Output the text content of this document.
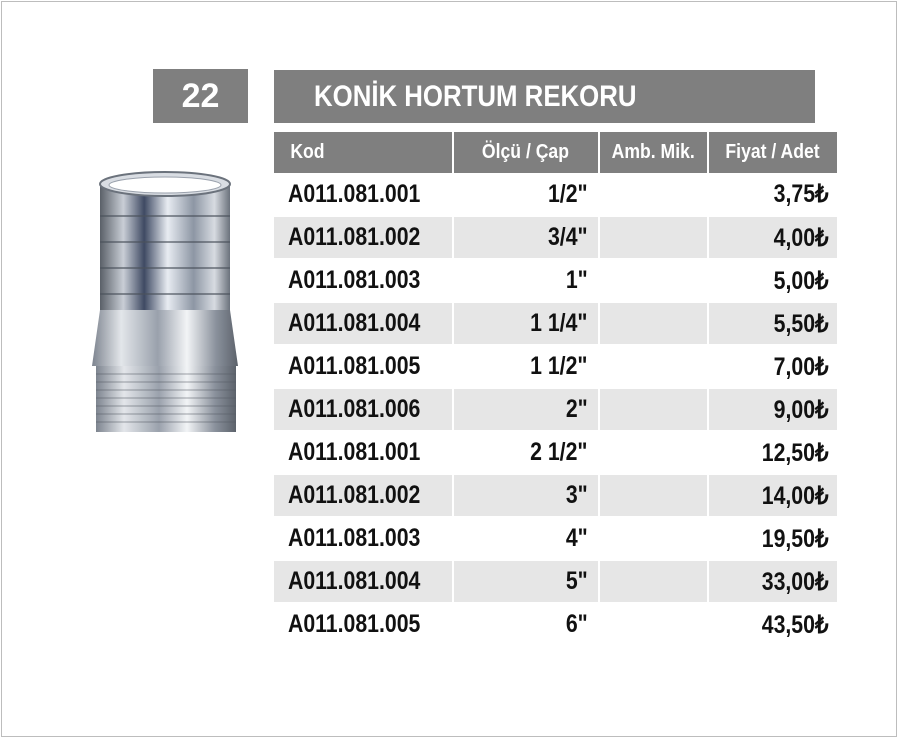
22	KONİK HORTUM REKORU
Kod	Ölçü / Çap	Amb. Mik.	Fiyat / Adet
A011.081.001	1/2"		3,75₺
A011.081.002	3/4"		4,00₺
A011.081.003	1"		5,00₺
A011.081.004	1 1/4"		5,50₺
A011.081.005	1 1/2"		7,00₺
A011.081.006	2"		9,00₺
A011.081.001	2 1/2"		12,50₺
A011.081.002	3"		14,00₺
A011.081.003	4"		19,50₺
A011.081.004	5"		33,00₺
A011.081.005	6"		43,50₺
